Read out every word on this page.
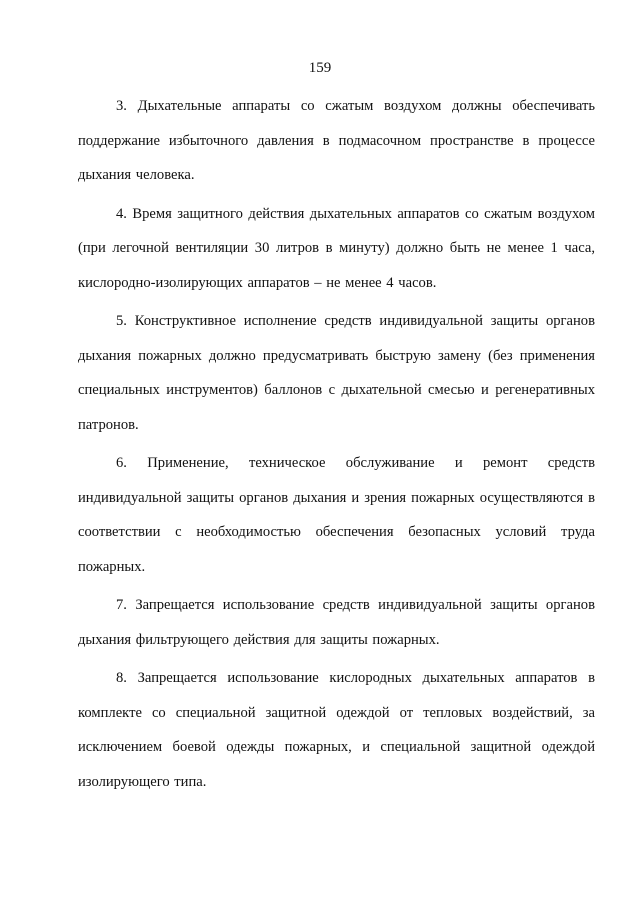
159

3. Дыхательные аппараты со сжатым воздухом должны обеспечивать поддержание избыточного давления в подмасочном пространстве в процессе дыхания человека.

4. Время защитного действия дыхательных аппаратов со сжатым воздухом (при легочной вентиляции 30 литров в минуту) должно быть не менее 1 часа, кислородно-изолирующих аппаратов – не менее 4 часов.

5. Конструктивное исполнение средств индивидуальной защиты органов дыхания пожарных должно предусматривать быструю замену (без применения специальных инструментов) баллонов с дыхательной смесью и регенеративных патронов.

6. Применение, техническое обслуживание и ремонт средств индивидуальной защиты органов дыхания и зрения пожарных осуществляются в соответствии с необходимостью обеспечения безопасных условий труда пожарных.

7. Запрещается использование средств индивидуальной защиты органов дыхания фильтрующего действия для защиты пожарных.

8. Запрещается использование кислородных дыхательных аппаратов в комплекте со специальной защитной одеждой от тепловых воздействий, за исключением боевой одежды пожарных, и специальной защитной одеждой изолирующего типа.
